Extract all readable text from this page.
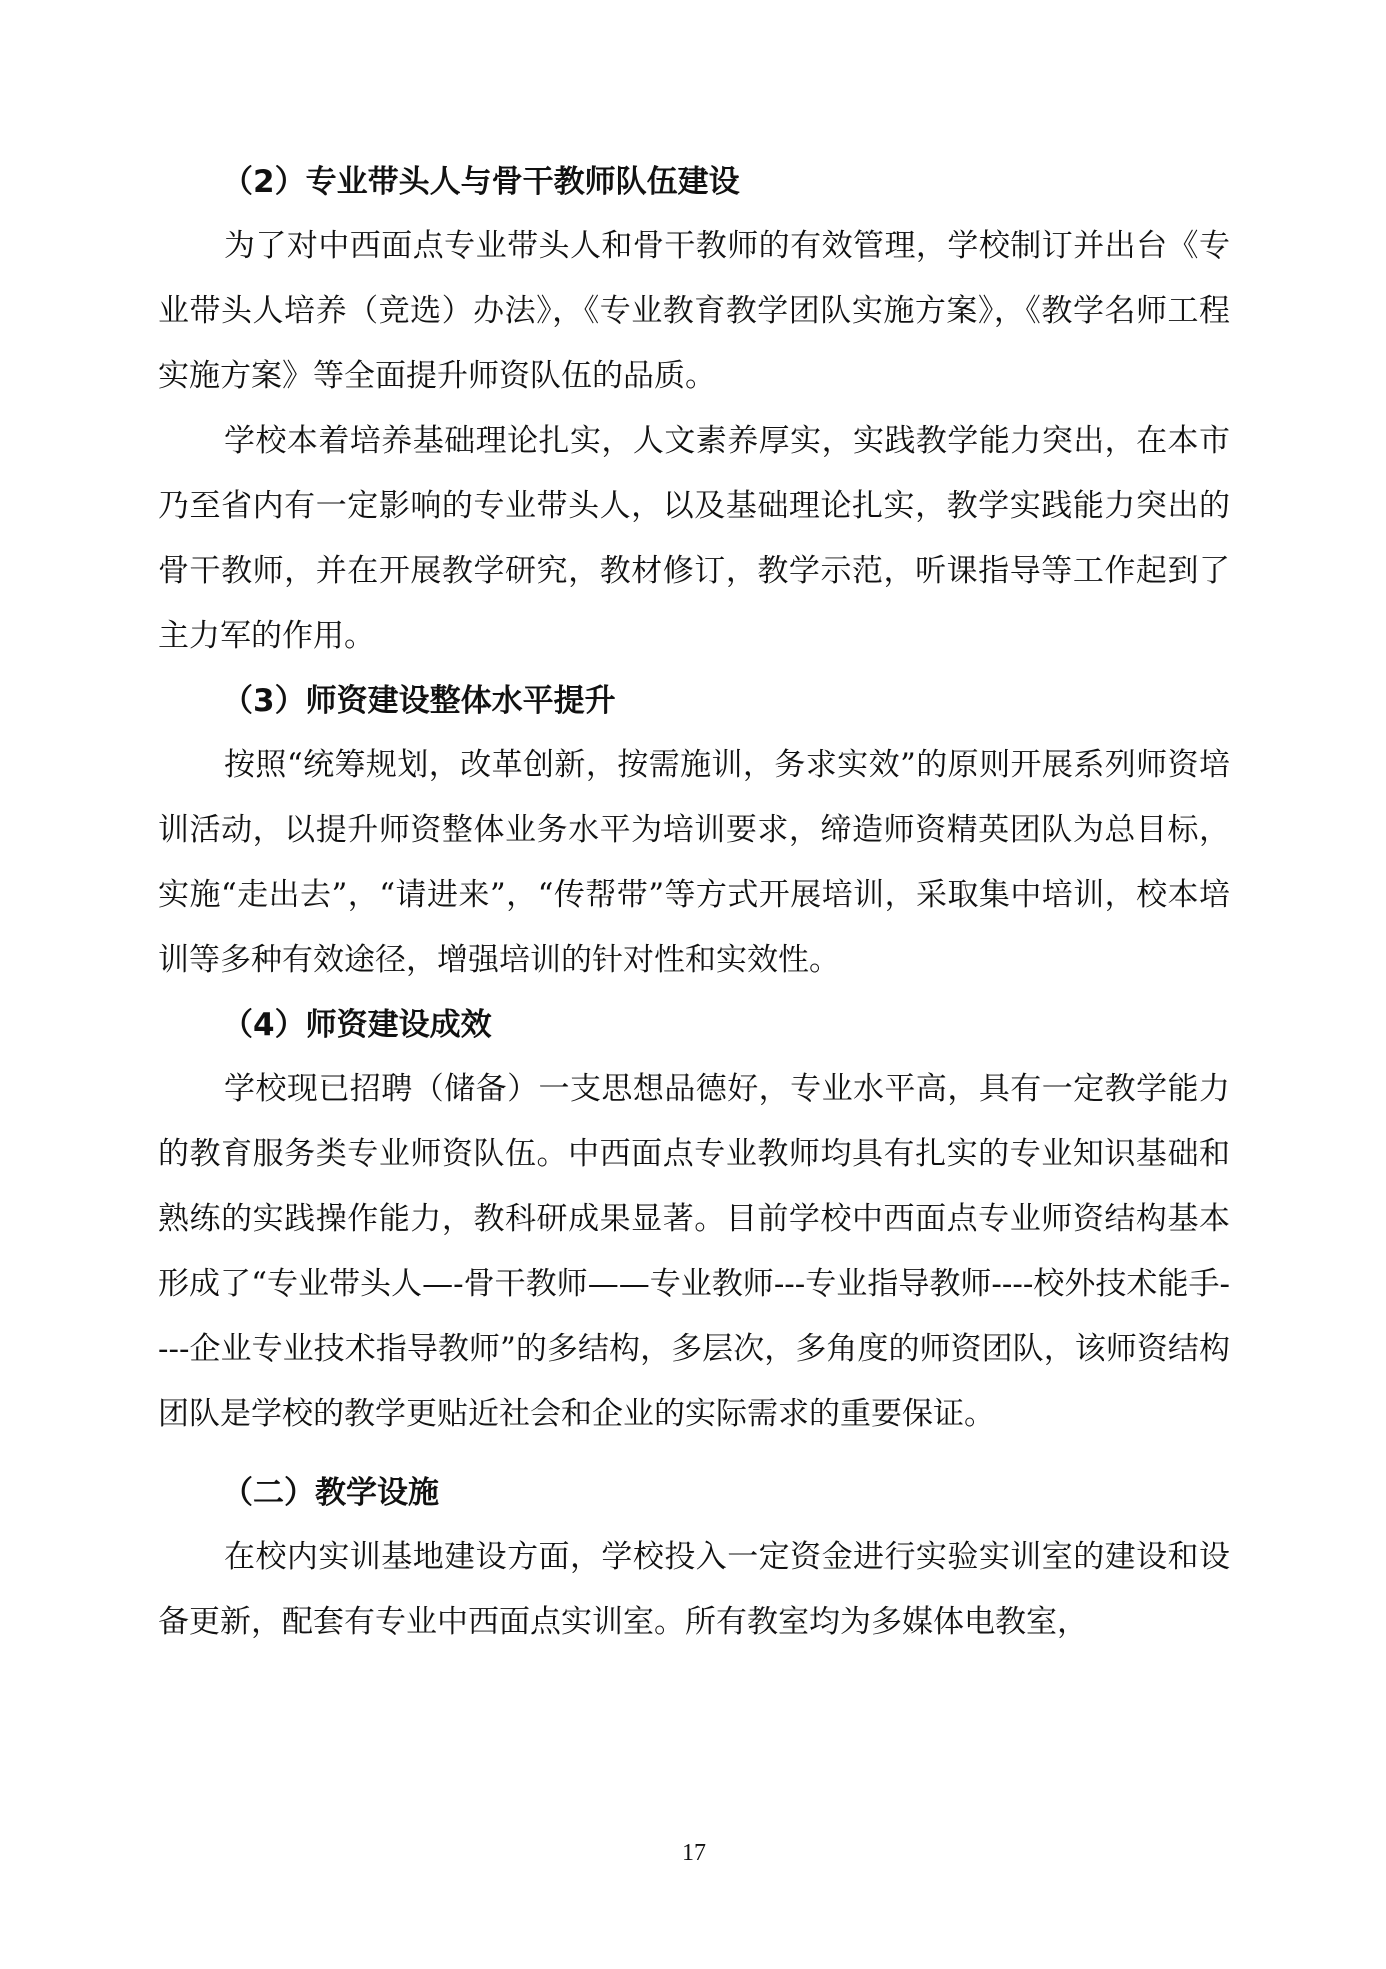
（2）专业带头人与骨干教师队伍建设

为了对中西面点专业带头人和骨干教师的有效管理，学校制订并出台《专业带头人培养（竞选）办法》，《专业教育教学团队实施方案》，《教学名师工程实施方案》等全面提升师资队伍的品质。

学校本着培养基础理论扎实，人文素养厚实，实践教学能力突出，在本市乃至省内有一定影响的专业带头人，以及基础理论扎实，教学实践能力突出的骨干教师，并在开展教学研究，教材修订，教学示范，听课指导等工作起到了主力军的作用。

（3）师资建设整体水平提升

按照“统筹规划，改革创新，按需施训，务求实效”的原则开展系列师资培训活动，以提升师资整体业务水平为培训要求，缔造师资精英团队为总目标，实施“走出去”，“请进来”，“传帮带”等方式开展培训，采取集中培训，校本培训等多种有效途径，增强培训的针对性和实效性。

（4）师资建设成效

学校现已招聘（储备）一支思想品德好，专业水平高，具有一定教学能力的教育服务类专业师资队伍。中西面点专业教师均具有扎实的专业知识基础和熟练的实践操作能力，教科研成果显著。目前学校中西面点专业师资结构基本形成了“专业带头人—-骨干教师——专业教师---专业指导教师----校外技术能手----企业专业技术指导教师”的多结构，多层次，多角度的师资团队，该师资结构团队是学校的教学更贴近社会和企业的实际需求的重要保证。

（二）教学设施

在校内实训基地建设方面，学校投入一定资金进行实验实训室的建设和设备更新，配套有专业中西面点实训室。所有教室均为多媒体电教室，

17
